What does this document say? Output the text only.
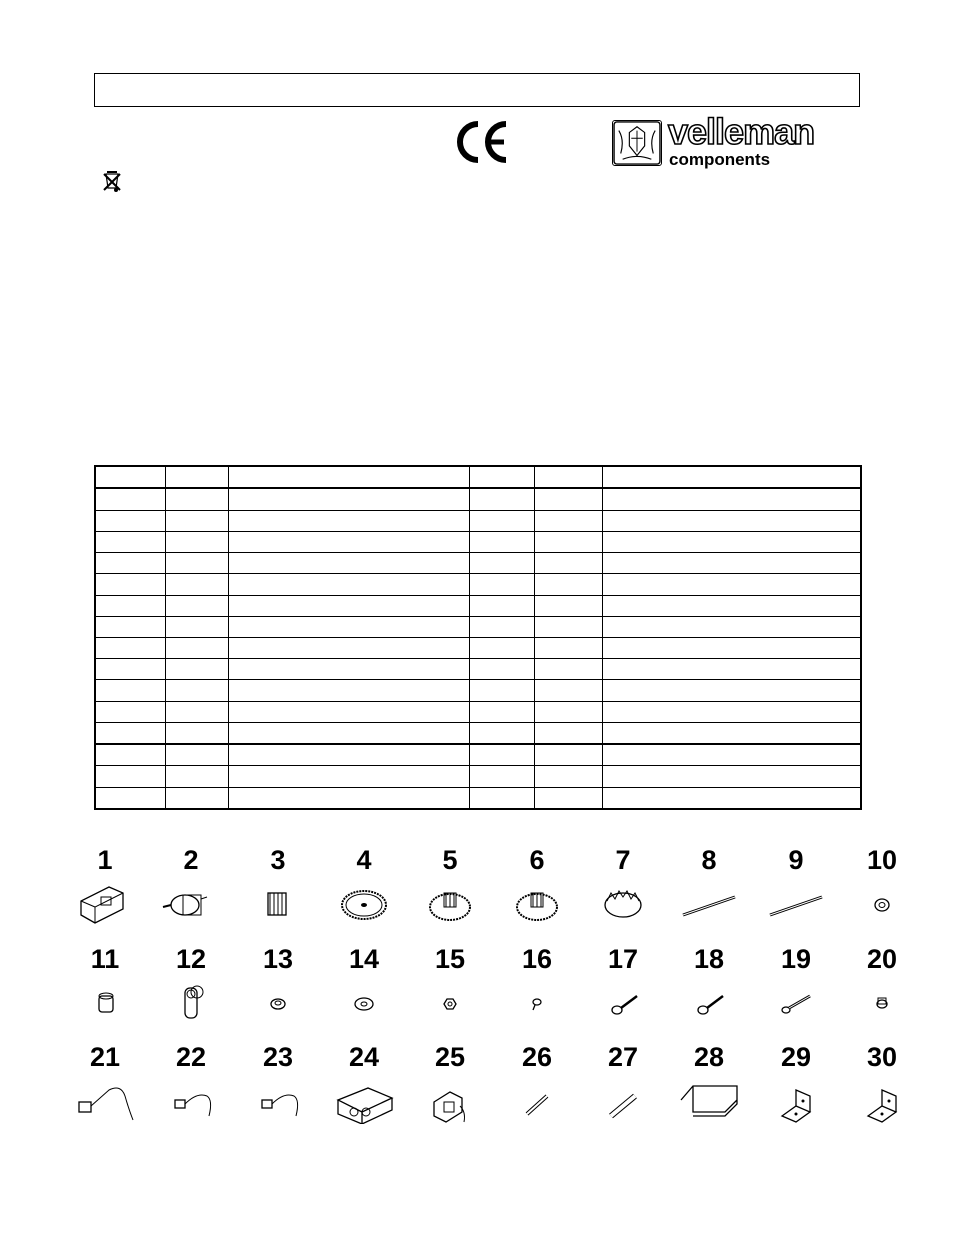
velleman
components

1	2	3	4	5	6	7	8	9	10
11	12	13	14	15	16	17	18	19	20
21	22	23	24	25	26	27	28	29	30
